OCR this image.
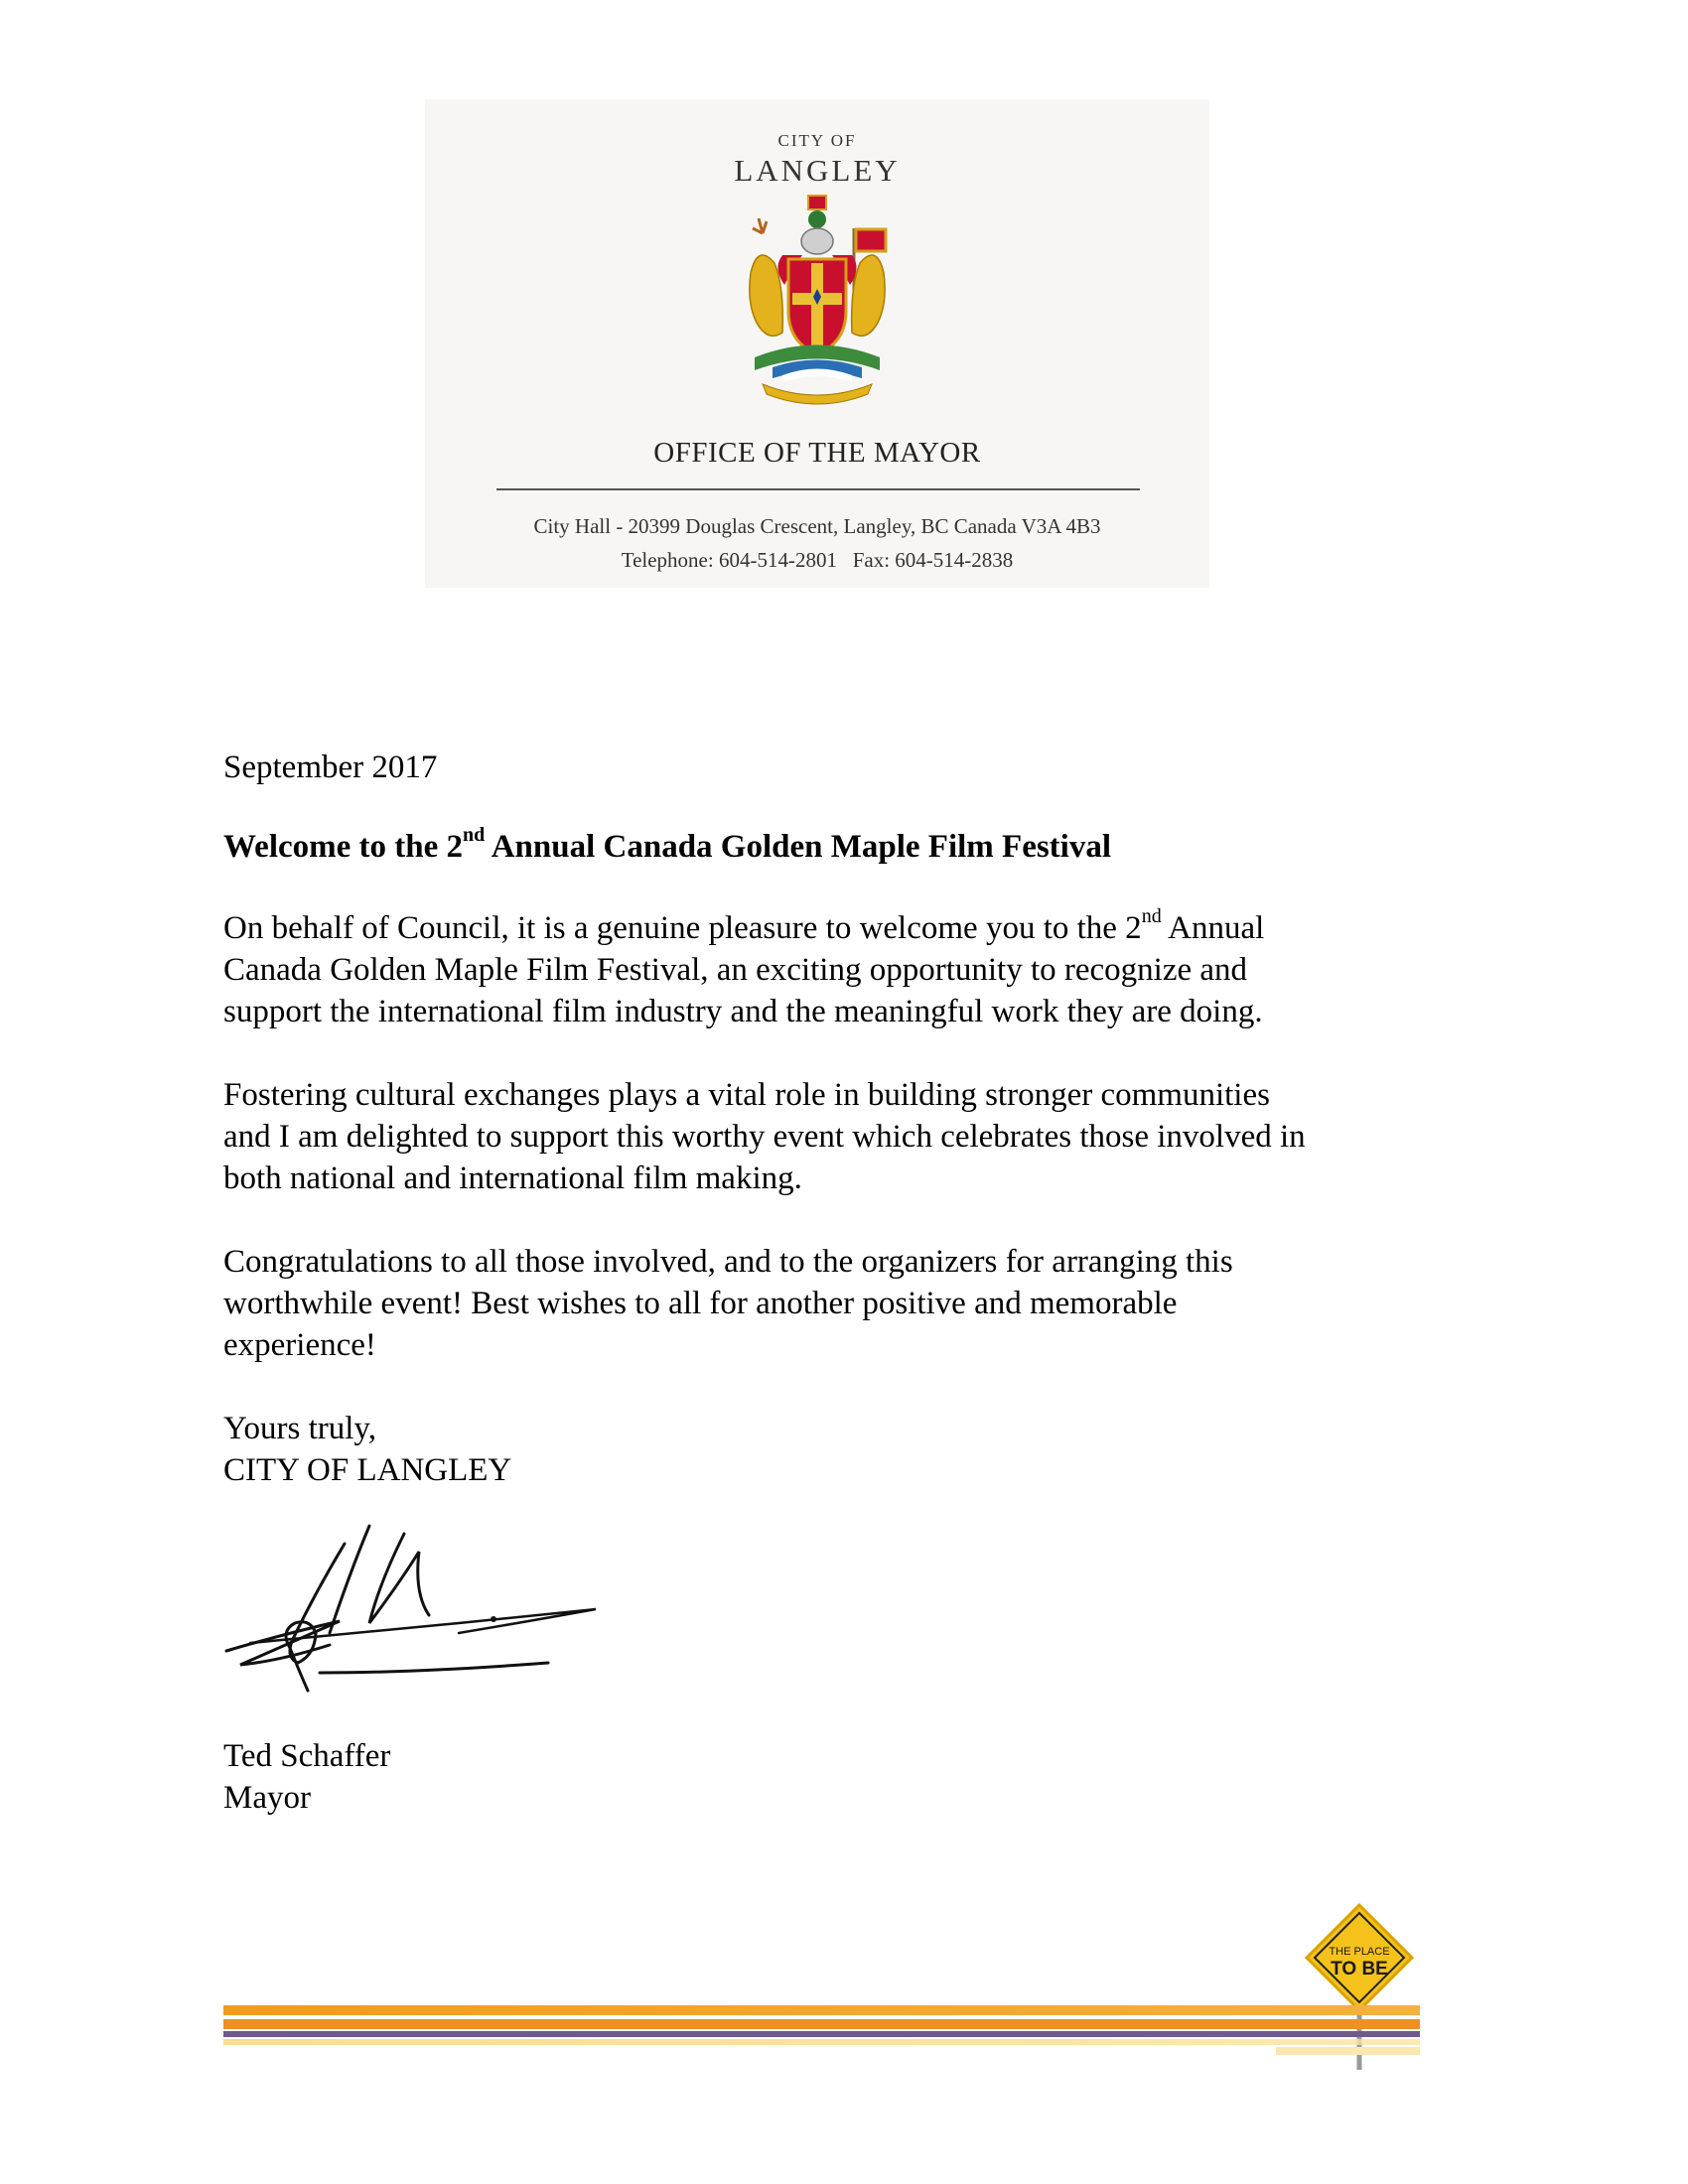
CITY OF
LANGLEY
OFFICE OF THE MAYOR
City Hall - 20399 Douglas Crescent, Langley, BC Canada V3A 4B3
Telephone: 604-514-2801   Fax: 604-514-2838
September 2017
Welcome to the 2nd Annual Canada Golden Maple Film Festival
On behalf of Council, it is a genuine pleasure to welcome you to the 2nd Annual
Canada Golden Maple Film Festival, an exciting opportunity to recognize and
support the international film industry and the meaningful work they are doing.
Fostering cultural exchanges plays a vital role in building stronger communities
and I am delighted to support this worthy event which celebrates those involved in
both national and international film making.
Congratulations to all those involved, and to the organizers for arranging this
worthwhile event! Best wishes to all for another positive and memorable
experience!
Yours truly,
CITY OF LANGLEY
Ted Schaffer
Mayor
THE PLACE
TO BE
